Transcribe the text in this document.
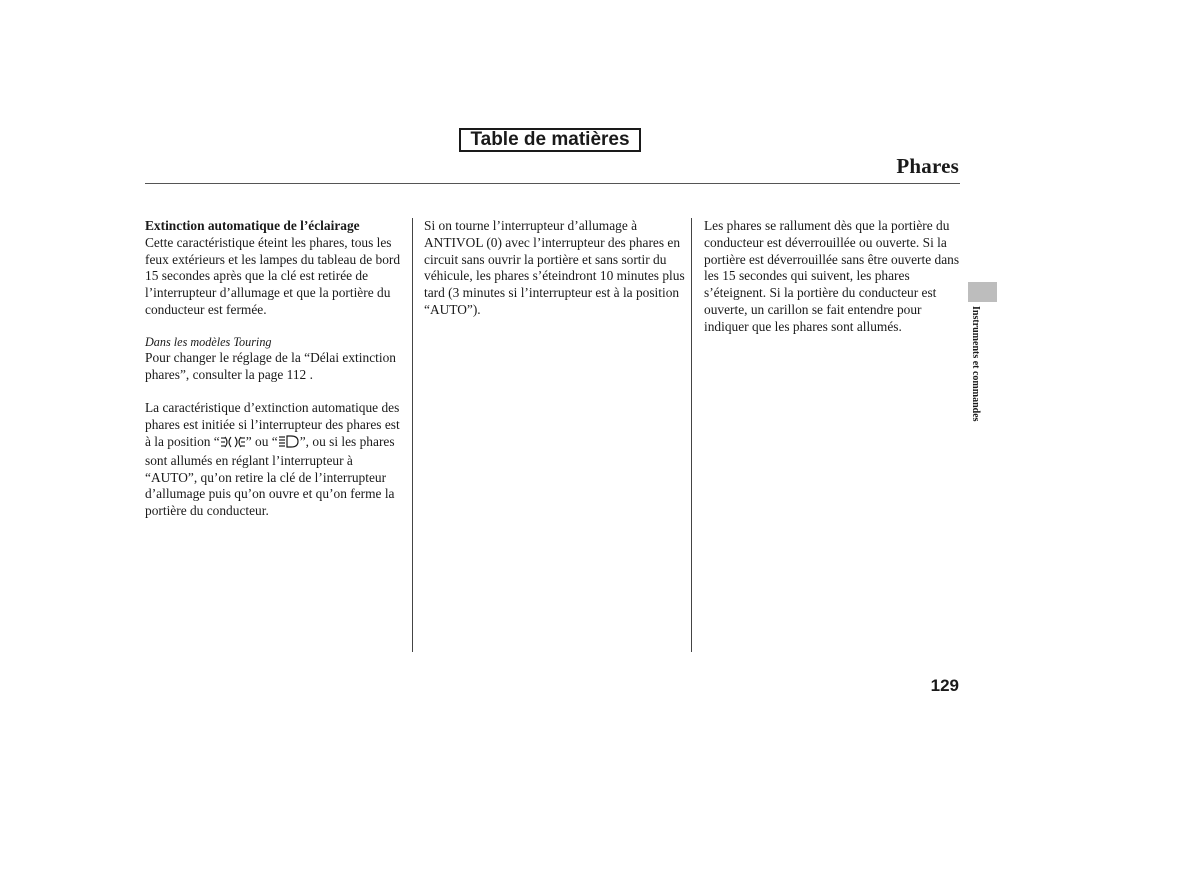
Table de matières
Phares

Extinction automatique de l’éclairage

Cette caractéristique éteint les phares, tous les feux extérieurs et les lampes du tableau de bord 15 secondes après que la clé est retirée de l’interrupteur d’allumage et que la portière du conducteur est fermée.

Dans les modèles Touring

Pour changer le réglage de la “Délai extinction phares”, consulter la page 112 .

La caractéristique d’extinction automatique des phares est initiée si l’interrupteur des phares est à la position “ ” ou “ ”, ou si les phares sont allumés en réglant l’interrupteur à “AUTO”, qu’on retire la clé de l’interrupteur d’allumage puis qu’on ouvre et qu’on ferme la portière du conducteur.

Si on tourne l’interrupteur d’allumage à ANTIVOL (0) avec l’interrupteur des phares en circuit sans ouvrir la portière et sans sortir du véhicule, les phares s’éteindront 10 minutes plus tard (3 minutes si l’interrupteur est à la position “AUTO”).

Les phares se rallument dès que la portière du conducteur est déverrouillée ou ouverte. Si la portière est déverrouillée sans être ouverte dans les 15 secondes qui suivent, les phares s’éteignent. Si la portière du conducteur est ouverte, un carillon se fait entendre pour indiquer que les phares sont allumés.	Instruments et commandes
129
